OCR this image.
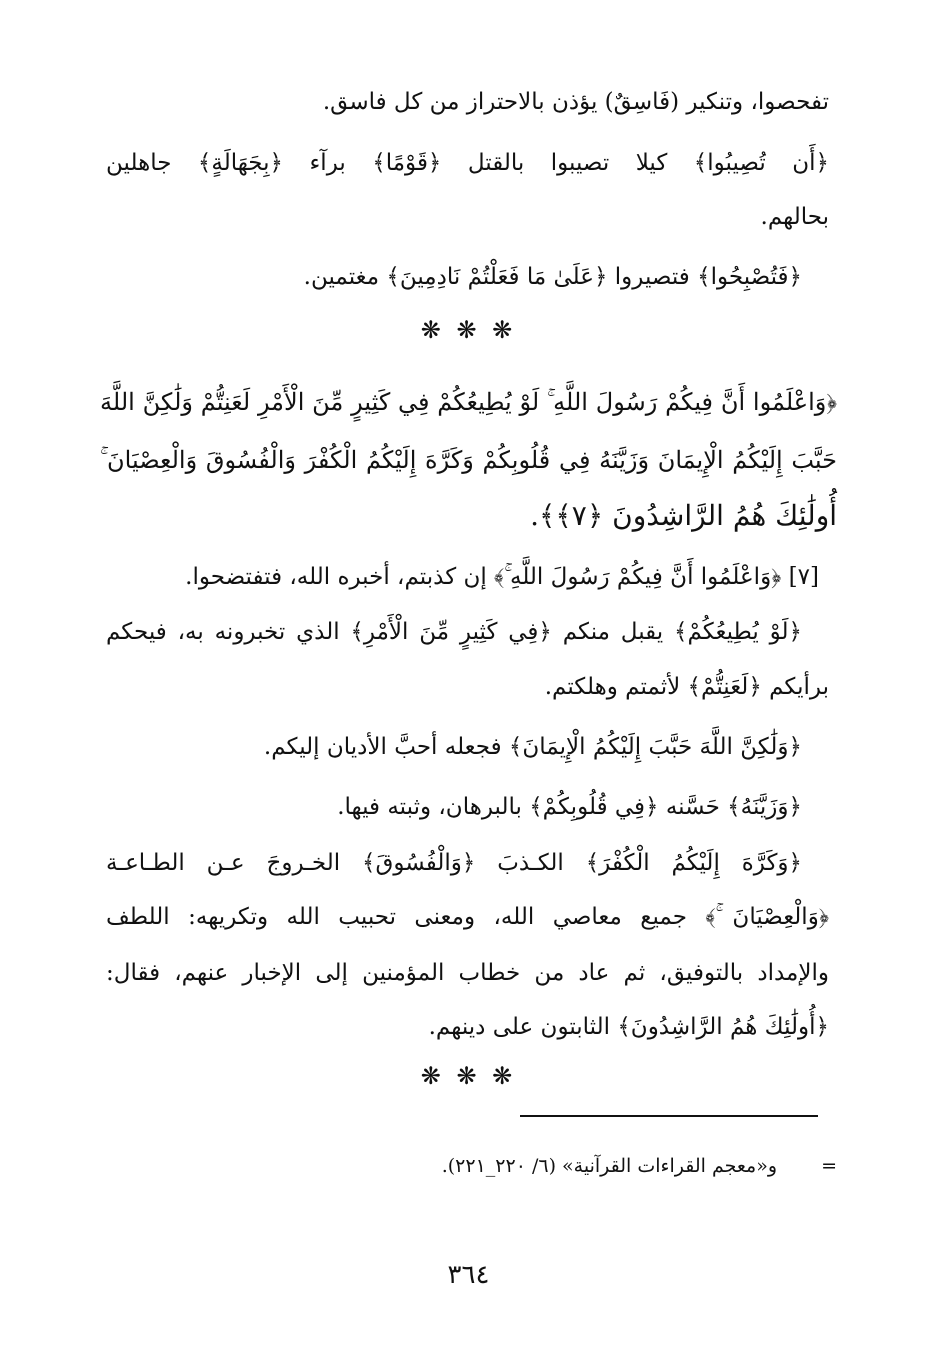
تفحصوا، وتنكير (فَاسِقٌ) يؤذن بالاحتراز من كل فاسق.
﴿أَن تُصِيبُوا﴾ كيلا تصيبوا بالقتل ﴿قَوْمًا﴾ برآء ﴿بِجَهَالَةٍ﴾ جاهلين
بحالهم.
﴿فَتُصْبِحُوا﴾ فتصيروا ﴿عَلَىٰ مَا فَعَلْتُمْ نَادِمِينَ﴾ مغتمين.
❋ ❋ ❋
﴿وَاعْلَمُوا أَنَّ فِيكُمْ رَسُولَ اللَّهِ ۚ لَوْ يُطِيعُكُمْ فِي كَثِيرٍ مِّنَ الْأَمْرِ لَعَنِتُّمْ وَلَٰكِنَّ اللَّهَ
حَبَّبَ إِلَيْكُمُ الْإِيمَانَ وَزَيَّنَهُ فِي قُلُوبِكُمْ وَكَرَّهَ إِلَيْكُمُ الْكُفْرَ وَالْفُسُوقَ وَالْعِصْيَانَ ۚ
أُولَٰئِكَ هُمُ الرَّاشِدُونَ ﴿٧﴾﴾.
[٧] ﴿وَاعْلَمُوا أَنَّ فِيكُمْ رَسُولَ اللَّهِ ۚ﴾ إن كذبتم، أخبره الله، فتفتضحوا.
﴿لَوْ يُطِيعُكُمْ﴾ يقبل منكم ﴿فِي كَثِيرٍ مِّنَ الْأَمْرِ﴾ الذي تخبرونه به، فيحكم
برأيكم ﴿لَعَنِتُّمْ﴾ لأثمتم وهلكتم.
﴿وَلَٰكِنَّ اللَّهَ حَبَّبَ إِلَيْكُمُ الْإِيمَانَ﴾ فجعله أحبَّ الأديان إليكم.
﴿وَزَيَّنَهُ﴾ حَسَّنه ﴿فِي قُلُوبِكُمْ﴾ بالبرهان، وثبته فيها.
﴿وَكَرَّهَ إِلَيْكُمُ الْكُفْرَ﴾ الكـذبَ ﴿وَالْفُسُوقَ﴾ الخـروجَ عـن الطـاعـة
﴿وَالْعِصْيَانَ ۚ﴾ جميع معاصي الله، ومعنى تحبيب الله وتكريهه: اللطف
والإمداد بالتوفيق، ثم عاد من خطاب المؤمنين إلى الإخبار عنهم، فقال:
﴿أُولَٰئِكَ هُمُ الرَّاشِدُونَ﴾ الثابتون على دينهم.
❋ ❋ ❋
=
و«معجم القراءات القرآنية» (٦/ ٢٢٠_٢٢١).
٣٦٤
